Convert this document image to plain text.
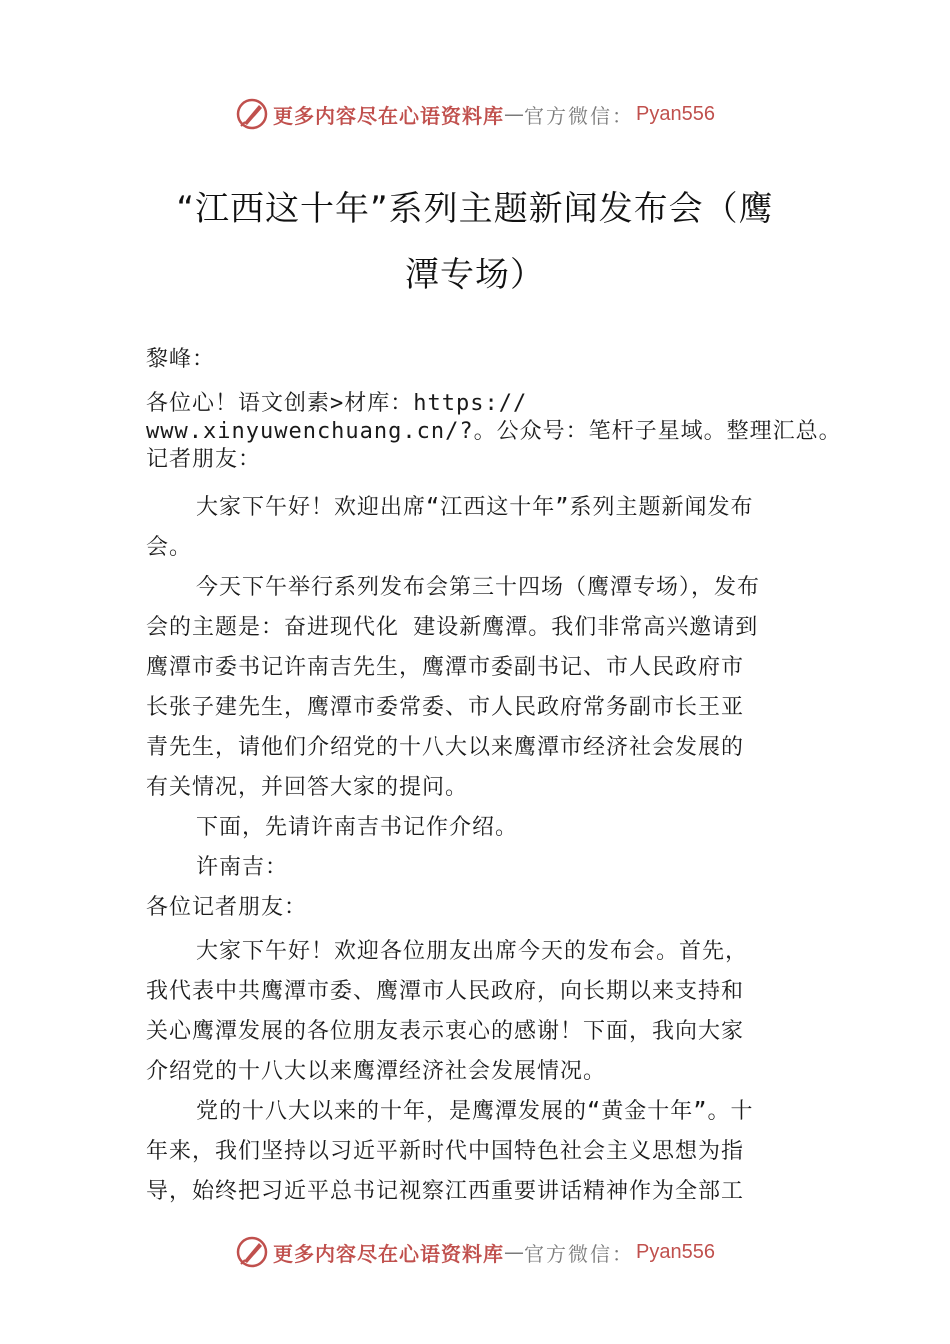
更多内容尽在心语资料库 — 官方微信： Pyan556
“江西这十年”系列主题新闻发布会（鹰
潭专场）
黎峰：
各位心！语文创素>材库：https://
www.xinyuwenchuang.cn/?。公众号：笔杆子星域。整理汇总。
记者朋友：
大家下午好！欢迎出席“江西这十年”系列主题新闻发布
会。
今天下午举行系列发布会第三十四场（鹰潭专场），发布
会的主题是：奋进现代化 建设新鹰潭。我们非常高兴邀请到
鹰潭市委书记许南吉先生，鹰潭市委副书记、市人民政府市
长张子建先生，鹰潭市委常委、市人民政府常务副市长王亚
青先生，请他们介绍党的十八大以来鹰潭市经济社会发展的
有关情况，并回答大家的提问。
下面，先请许南吉书记作介绍。
许南吉：
各位记者朋友：
大家下午好！欢迎各位朋友出席今天的发布会。首先，
我代表中共鹰潭市委、鹰潭市人民政府，向长期以来支持和
关心鹰潭发展的各位朋友表示衷心的感谢！下面，我向大家
介绍党的十八大以来鹰潭经济社会发展情况。
党的十八大以来的十年，是鹰潭发展的“黄金十年”。十
年来，我们坚持以习近平新时代中国特色社会主义思想为指
导，始终把习近平总书记视察江西重要讲话精神作为全部工
更多内容尽在心语资料库 — 官方微信： Pyan556
